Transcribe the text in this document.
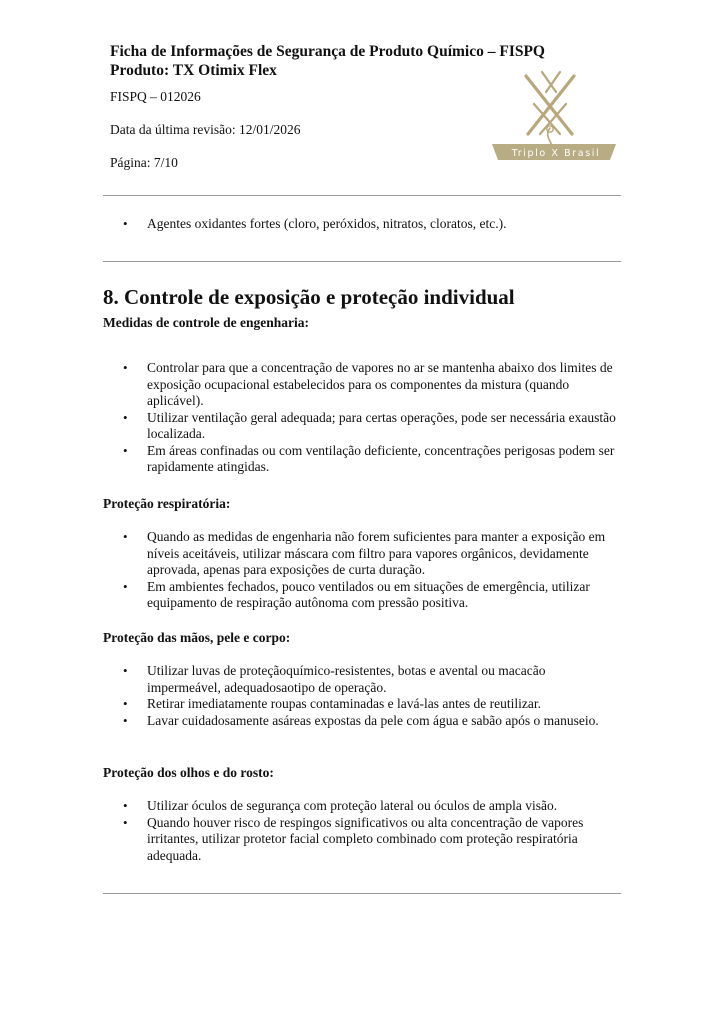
Ficha de Informações de Segurança de Produto Químico – FISPQ

Produto: TX Otimix Flex

FISPQ – 012026

Data da última revisão: 12/01/2026

Página: 7/10

Triplo X Brasil
• Agentes oxidantes fortes (cloro, peróxidos, nitratos, cloratos, etc.).
8. Controle de exposição e proteção individual

Medidas de controle de engenharia:

• Controlar para que a concentração de vapores no ar se mantenha abaixo dos limites de exposição ocupacional estabelecidos para os componentes da mistura (quando aplicável).
• Utilizar ventilação geral adequada; para certas operações, pode ser necessária exaustão localizada.
• Em áreas confinadas ou com ventilação deficiente, concentrações perigosas podem ser rapidamente atingidas.

Proteção respiratória:

• Quando as medidas de engenharia não forem suficientes para manter a exposição em níveis aceitáveis, utilizar máscara com filtro para vapores orgânicos, devidamente aprovada, apenas para exposições de curta duração.
• Em ambientes fechados, pouco ventilados ou em situações de emergência, utilizar equipamento de respiração autônoma com pressão positiva.

Proteção das mãos, pele e corpo:

• Utilizar luvas de proteçãoquímico-resistentes, botas e avental ou macacão impermeável, adequadosaotipo de operação.
• Retirar imediatamente roupas contaminadas e lavá-las antes de reutilizar.
• Lavar cuidadosamente asáreas expostas da pele com água e sabão após o manuseio.

Proteção dos olhos e do rosto:

• Utilizar óculos de segurança com proteção lateral ou óculos de ampla visão.
• Quando houver risco de respingos significativos ou alta concentração de vapores irritantes, utilizar protetor facial completo combinado com proteção respiratória adequada.
